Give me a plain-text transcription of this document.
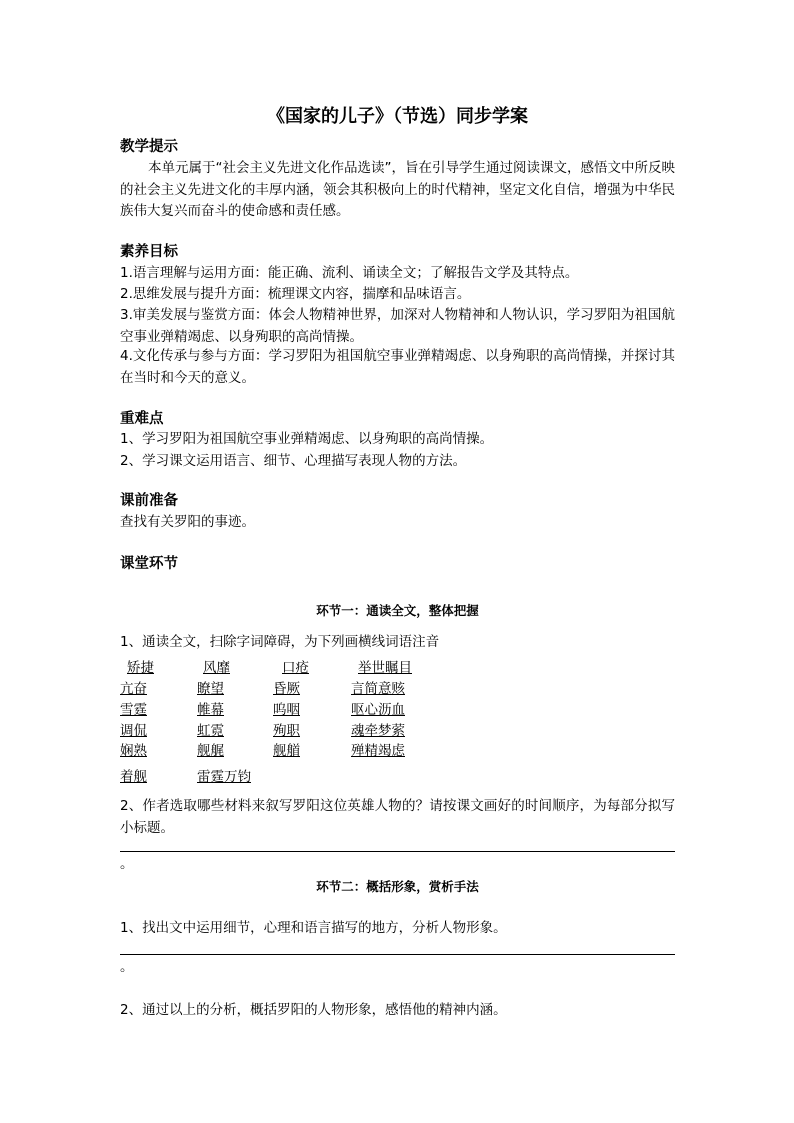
《国家的儿子》（节选）同步学案
教学提示
本单元属于“社会主义先进文化作品选读”，旨在引导学生通过阅读课文，感悟文中所反映的社会主义先进文化的丰厚内涵，领会其积极向上的时代精神，坚定文化自信，增强为中华民族伟大复兴而奋斗的使命感和责任感。
素养目标
1.语言理解与运用方面：能正确、流利、诵读全文；了解报告文学及其特点。
2.思维发展与提升方面：梳理课文内容，揣摩和品味语言。
3.审美发展与鉴赏方面：体会人物精神世界，加深对人物精神和人物认识，学习罗阳为祖国航空事业弹精竭虑、以身殉职的高尚情操。
4.文化传承与参与方面：学习罗阳为祖国航空事业弹精竭虑、以身殉职的高尚情操，并探讨其在当时和今天的意义。
重难点
1、学习罗阳为祖国航空事业弹精竭虑、以身殉职的高尚情操。
2、学习课文运用语言、细节、心理描写表现人物的方法。
课前准备
查找有关罗阳的事迹。
课堂环节
环节一：通读全文，整体把握
1、通读全文，扫除字词障碍，为下列画横线词语注音
矫捷	风靡	口疮	举世瞩目
亢奋	瞭望	昏厥	言简意赅
雪霆	帷幕	呜咽	呕心沥血
调侃	虹霓	殉职	魂牵梦萦
娴熟	舰艉	舰艏	殚精竭虑
着舰	雷霆万钧
2、作者选取哪些材料来叙写罗阳这位英雄人物的？请按课文画好的时间顺序，为每部分拟写小标题。
。
环节二：概括形象，赏析手法
1、找出文中运用细节，心理和语言描写的地方，分析人物形象。
。
2、通过以上的分析，概括罗阳的人物形象，感悟他的精神内涵。
